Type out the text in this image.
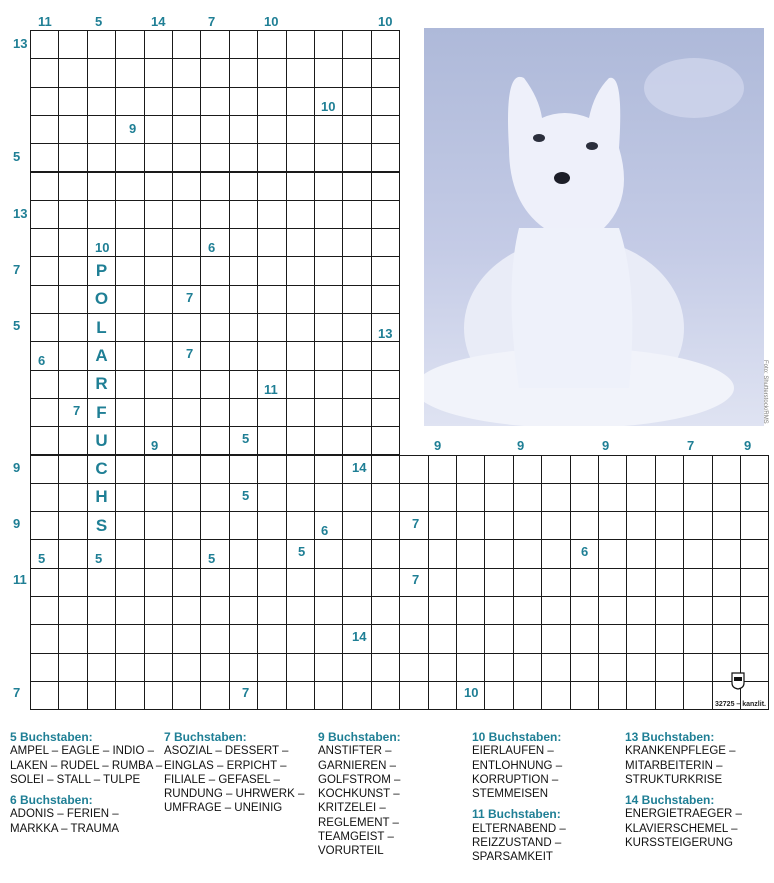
P
O
L
A
R
F
U
C
H
S
11	5	14	7	10	10
13
10
9
5
13
10	6
7
7
5
13
6	7
11
7
5
9	9	9	9	7	9
9	14
5
9	7
6
5
5	5	5	6
11	7
14
7	7	10
Foto: Shutterstock/RMS
32725 – kanzlit.
5 Buchstaben:
AMPEL – EAGLE – INDIO –
LAKEN – RUDEL – RUMBA –
SOLEI – STALL – TULPE
6 Buchstaben:
ADONIS – FERIEN –
MARKKA – TRAUMA
7 Buchstaben:
ASOZIAL – DESSERT –
EINGLAS – ERPICHT –
FILIALE – GEFASEL –
RUNDUNG – UHRWERK –
UMFRAGE – UNEINIG
9 Buchstaben:
ANSTIFTER –
GARNIEREN –
GOLFSTROM –
KOCHKUNST –
KRITZELEI –
REGLEMENT –
TEAMGEIST –
VORURTEIL
10 Buchstaben:
EIERLAUFEN –
ENTLOHNUNG –
KORRUPTION –
STEMMEISEN
11 Buchstaben:
ELTERNABEND –
REIZZUSTAND –
SPARSAMKEIT
13 Buchstaben:
KRANKENPFLEGE –
MITARBEITERIN –
STRUKTURKRISE
14 Buchstaben:
ENERGIETRAEGER –
KLAVIERSCHEMEL –
KURSSTEIGERUNG
